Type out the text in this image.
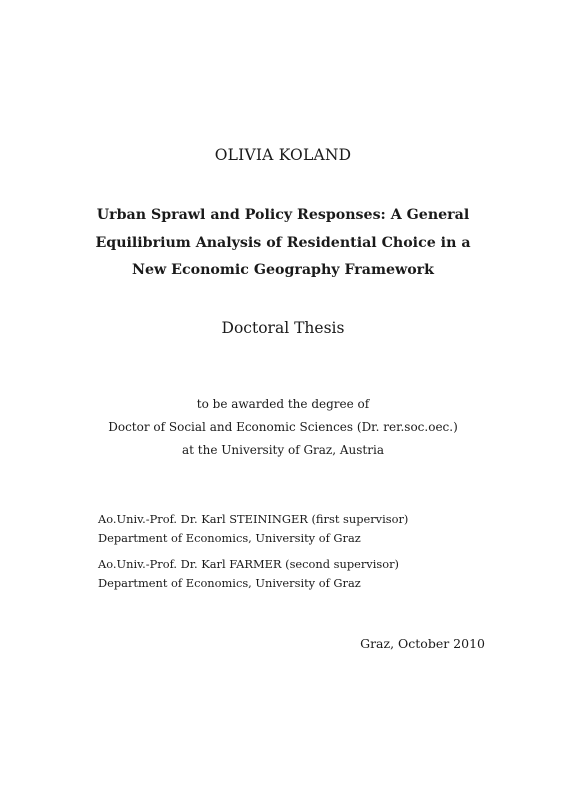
OLIVIA KOLAND
Urban Sprawl and Policy Responses: A General
Equilibrium Analysis of Residential Choice in a
New Economic Geography Framework
Doctoral Thesis
to be awarded the degree of
Doctor of Social and Economic Sciences (Dr. rer.soc.oec.)
at the University of Graz, Austria
Ao.Univ.-Prof. Dr. Karl STEININGER (first supervisor)
Department of Economics, University of Graz
Ao.Univ.-Prof. Dr. Karl FARMER (second supervisor)
Department of Economics, University of Graz
Graz, October 2010
